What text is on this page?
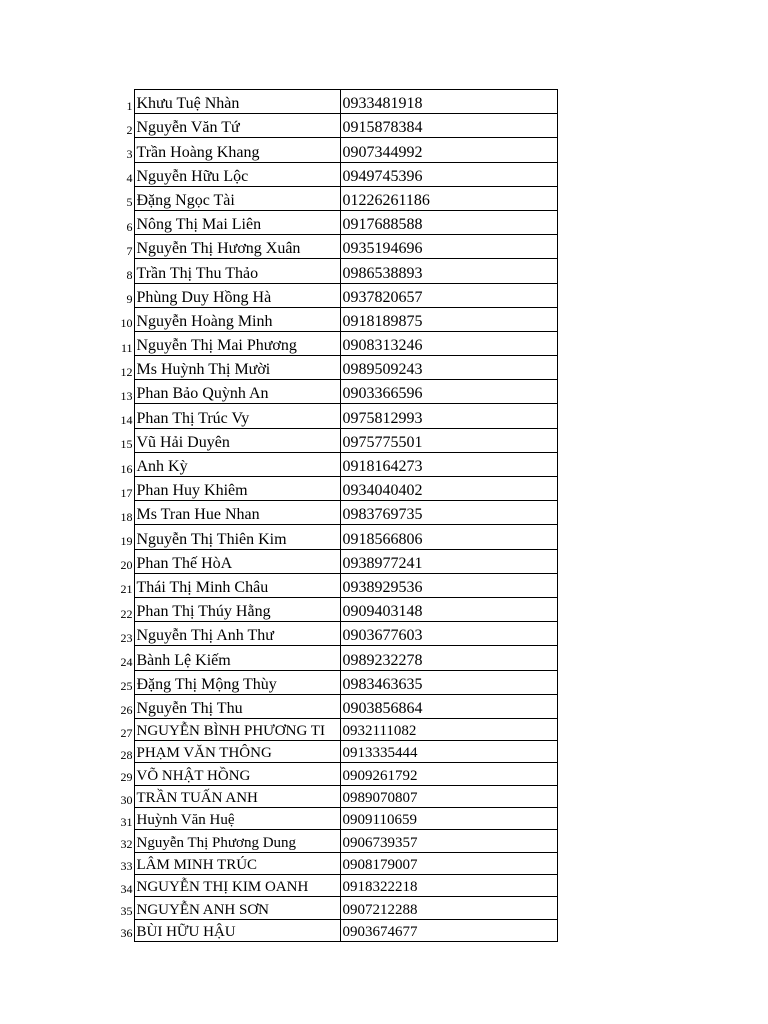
1	Khưu Tuệ Nhàn	0933481918
2	Nguyễn Văn Tứ	0915878384
3	Trần Hoàng Khang	0907344992
4	Nguyễn Hữu Lộc	0949745396
5	Đặng Ngọc Tài	01226261186
6	Nông Thị Mai Liên	0917688588
7	Nguyễn Thị Hương Xuân	0935194696
8	Trần Thị Thu Thảo	0986538893
9	Phùng Duy Hồng Hà	0937820657
10	Nguyễn Hoàng Minh	0918189875
11	Nguyễn Thị Mai Phương	0908313246
12	Ms Huỳnh Thị Mười	0989509243
13	Phan Bảo Quỳnh An	0903366596
14	Phan Thị Trúc Vy	0975812993
15	Vũ Hải Duyên	0975775501
16	Anh Kỳ	0918164273
17	Phan Huy Khiêm	0934040402
18	Ms Tran Hue Nhan	0983769735
19	Nguyễn Thị Thiên Kim	0918566806
20	Phan Thế HòA	0938977241
21	Thái Thị Minh Châu	0938929536
22	Phan Thị Thúy Hằng	0909403148
23	Nguyễn Thị Anh Thư	0903677603
24	Bành Lệ Kiếm	0989232278
25	Đặng Thị Mộng Thùy	0983463635
26	Nguyễn Thị Thu	0903856864
27	NGUYỄN BÌNH PHƯƠNG TI	0932111082
28	PHẠM VĂN THÔNG	0913335444
29	VÕ NHẬT HỒNG	0909261792
30	TRẦN TUẤN ANH	0989070807
31	Huỳnh Văn Huệ	0909110659
32	Nguyễn Thị Phương Dung	0906739357
33	LÂM MINH TRÚC	0908179007
34	NGUYỄN THỊ KIM OANH	0918322218
35	NGUYỄN ANH SƠN	0907212288
36	BÙI HỮU HẬU	0903674677
